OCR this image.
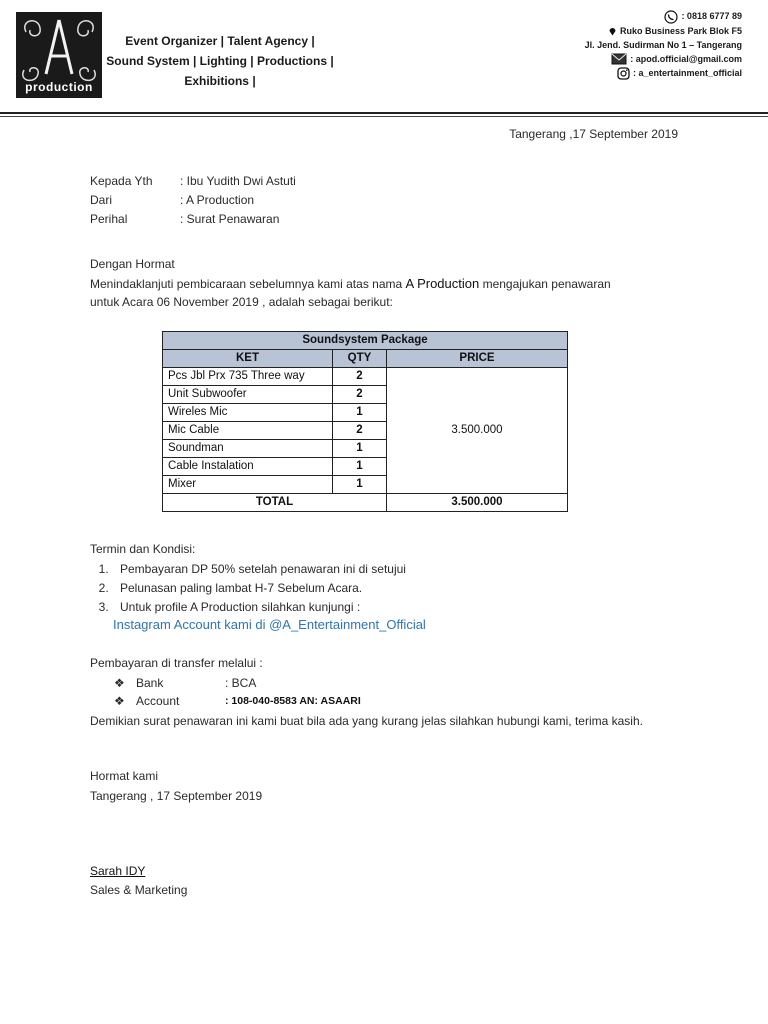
production
Event Organizer | Talent Agency |
Sound System | Lighting | Productions |
Exhibitions |
: 0818 6777 89
Ruko Business Park Blok F5
Jl. Jend. Sudirman No 1 – Tangerang
: apod.official@gmail.com
: a_entertainment_official
Tangerang ,17 September 2019
Kepada Yth : Ibu Yudith Dwi Astuti
Dari	: A Production
Perihal	: Surat Penawaran
Dengan Hormat
Menindaklanjuti pembicaraan sebelumnya kami atas nama A Production mengajukan penawaran
untuk Acara 06 November 2019 , adalah sebagai berikut:
Soundsystem Package		
KET	QTY	PRICE
Pcs Jbl Prx 735 Three way	2	3.500.000
Unit Subwoofer	2	
Wireles Mic	1	
Mic Cable	2	
Soundman	1	
Cable Instalation	1	
Mixer	1	
TOTAL		3.500.000
Termin dan Kondisi:
1. Pembayaran DP 50% setelah penawaran ini di setujui
2. Pelunasan paling lambat H-7 Sebelum Acara.
3. Untuk profile A Production silahkan kunjungi :
Instagram Account kami di @A_Entertainment_Official
Pembayaran di transfer melalui :
❖ Bank	: BCA
❖ Account	: 108-040-8583 AN: ASAARI
Demikian surat penawaran ini kami buat bila ada yang kurang jelas silahkan hubungi kami, terima kasih.
Hormat kami
Tangerang , 17 September 2019
Sarah IDY
Sales & Marketing
